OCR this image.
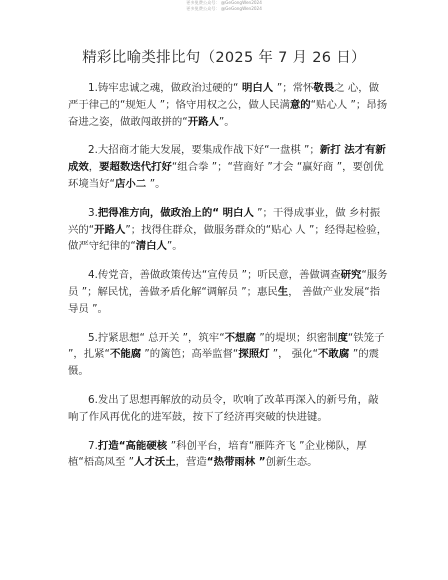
更多免费公众号： @GeGongWen2024
更多免费公众号： @GeGongWen2024
精彩比喻类排比句（2025 年 7 月 26 日）

1.铸牢忠诚之魂，做政治过硬的“ 明白人 ”；常怀敬畏之 心，做严于律己的“规矩人 ”；恪守用权之公，做人民满意的“贴心人 ”；昂扬奋进之姿，做敢闯敢拼的“开路人”。

2.大招商才能大发展，要集成作战下好“一盘棋 ”；新打 法才有新成效，要超数迭代打好“组合拳 ”；“营商好 ”才会 “赢好商 ”，要创优环境当好“店小二 ”。

3.把得准方向，做政治上的“ 明白人 ”；干得成事业，做 乡村振兴的“开路人”；找得住群众，做服务群众的“贴心 人 ”；经得起检验，做严守纪律的“清白人”。

4.传党音，善做政策传达“宣传员 ”；听民意，善做调查研究“服务员 ”；解民忧，善做矛盾化解“调解员 ”；惠民生， 善做产业发展“指导员 ”。

5.拧紧思想“ 总开关 ”，筑牢“不想腐 ”的堤坝；织密制度“铁笼子 ”，扎紧“不能腐 ”的篱笆；高举监督“探照灯 ”， 强化“不敢腐 ”的震慑。

6.发出了思想再解放的动员令，吹响了改革再深入的新号角，敲响了作风再优化的进军鼓，按下了经济再突破的快进键。

7.打造“高能硬核 ”科创平台，培育“雁阵齐飞 ”企业梯队，厚植“梧高凤至 ”人才沃土，营造“热带雨林 ”创新生态。
